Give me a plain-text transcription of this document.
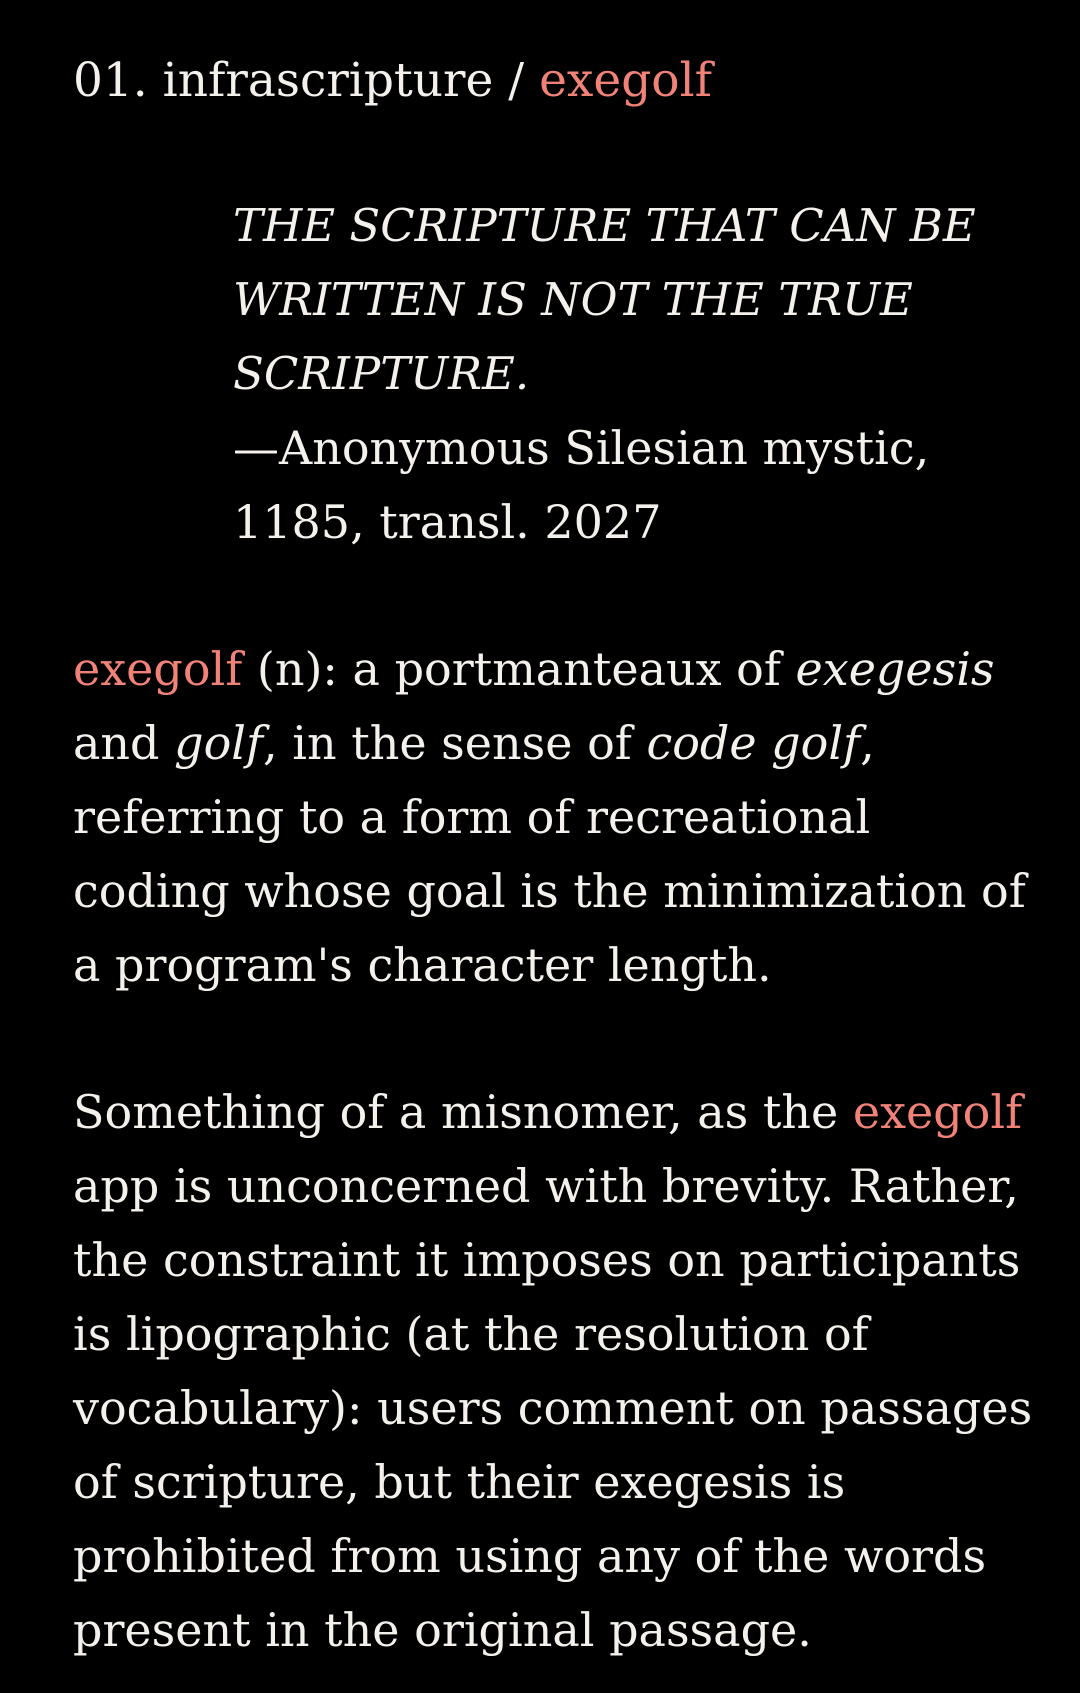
01. infrascripture / exegolf
THE SCRIPTURE THAT CAN BE
WRITTEN IS NOT THE TRUE
SCRIPTURE.
—Anonymous Silesian mystic,
1185, transl. 2027
exegolf (n): a portmanteaux of exegesis
and golf, in the sense of code golf,
referring to a form of recreational
coding whose goal is the minimization of
a program's character length.
Something of a misnomer, as the exegolf
app is unconcerned with brevity. Rather,
the constraint it imposes on participants
is lipographic (at the resolution of
vocabulary): users comment on passages
of scripture, but their exegesis is
prohibited from using any of the words
present in the original passage.
